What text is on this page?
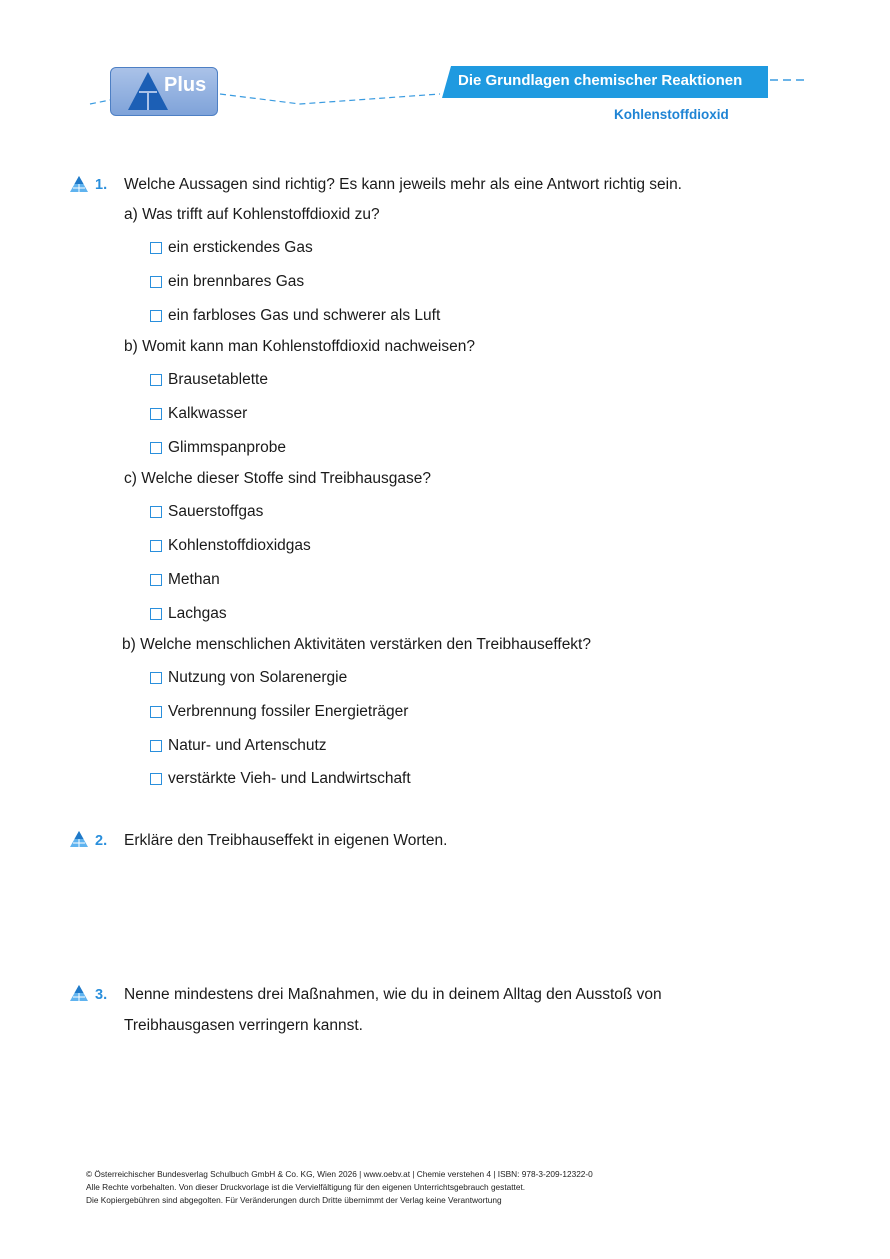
Plus	Die Grundlagen chemischer Reaktionen
Kohlenstoffdioxid
1. Welche Aussagen sind richtig? Es kann jeweils mehr als eine Antwort richtig sein.
a) Was trifft auf Kohlenstoffdioxid zu?
ein erstickendes Gas
ein brennbares Gas
ein farbloses Gas und schwerer als Luft
b) Womit kann man Kohlenstoffdioxid nachweisen?
Brausetablette
Kalkwasser
Glimmspanprobe
c) Welche dieser Stoffe sind Treibhausgase?
Sauerstoffgas
Kohlenstoffdioxidgas
Methan
Lachgas
b) Welche menschlichen Aktivitäten verstärken den Treibhauseffekt?
Nutzung von Solarenergie
Verbrennung fossiler Energieträger
Natur- und Artenschutz
verstärkte Vieh- und Landwirtschaft
2. Erkläre den Treibhauseffekt in eigenen Worten.
3. Nenne mindestens drei Maßnahmen, wie du in deinem Alltag den Ausstoß von
Treibhausgasen verringern kannst.
© Österreichischer Bundesverlag Schulbuch GmbH & Co. KG, Wien 2026 | www.oebv.at | Chemie verstehen 4 | ISBN: 978-3-209-12322-0
Alle Rechte vorbehalten. Von dieser Druckvorlage ist die Vervielfältigung für den eigenen Unterrichtsgebrauch gestattet.
Die Kopiergebühren sind abgegolten. Für Veränderungen durch Dritte übernimmt der Verlag keine Verantwortung
